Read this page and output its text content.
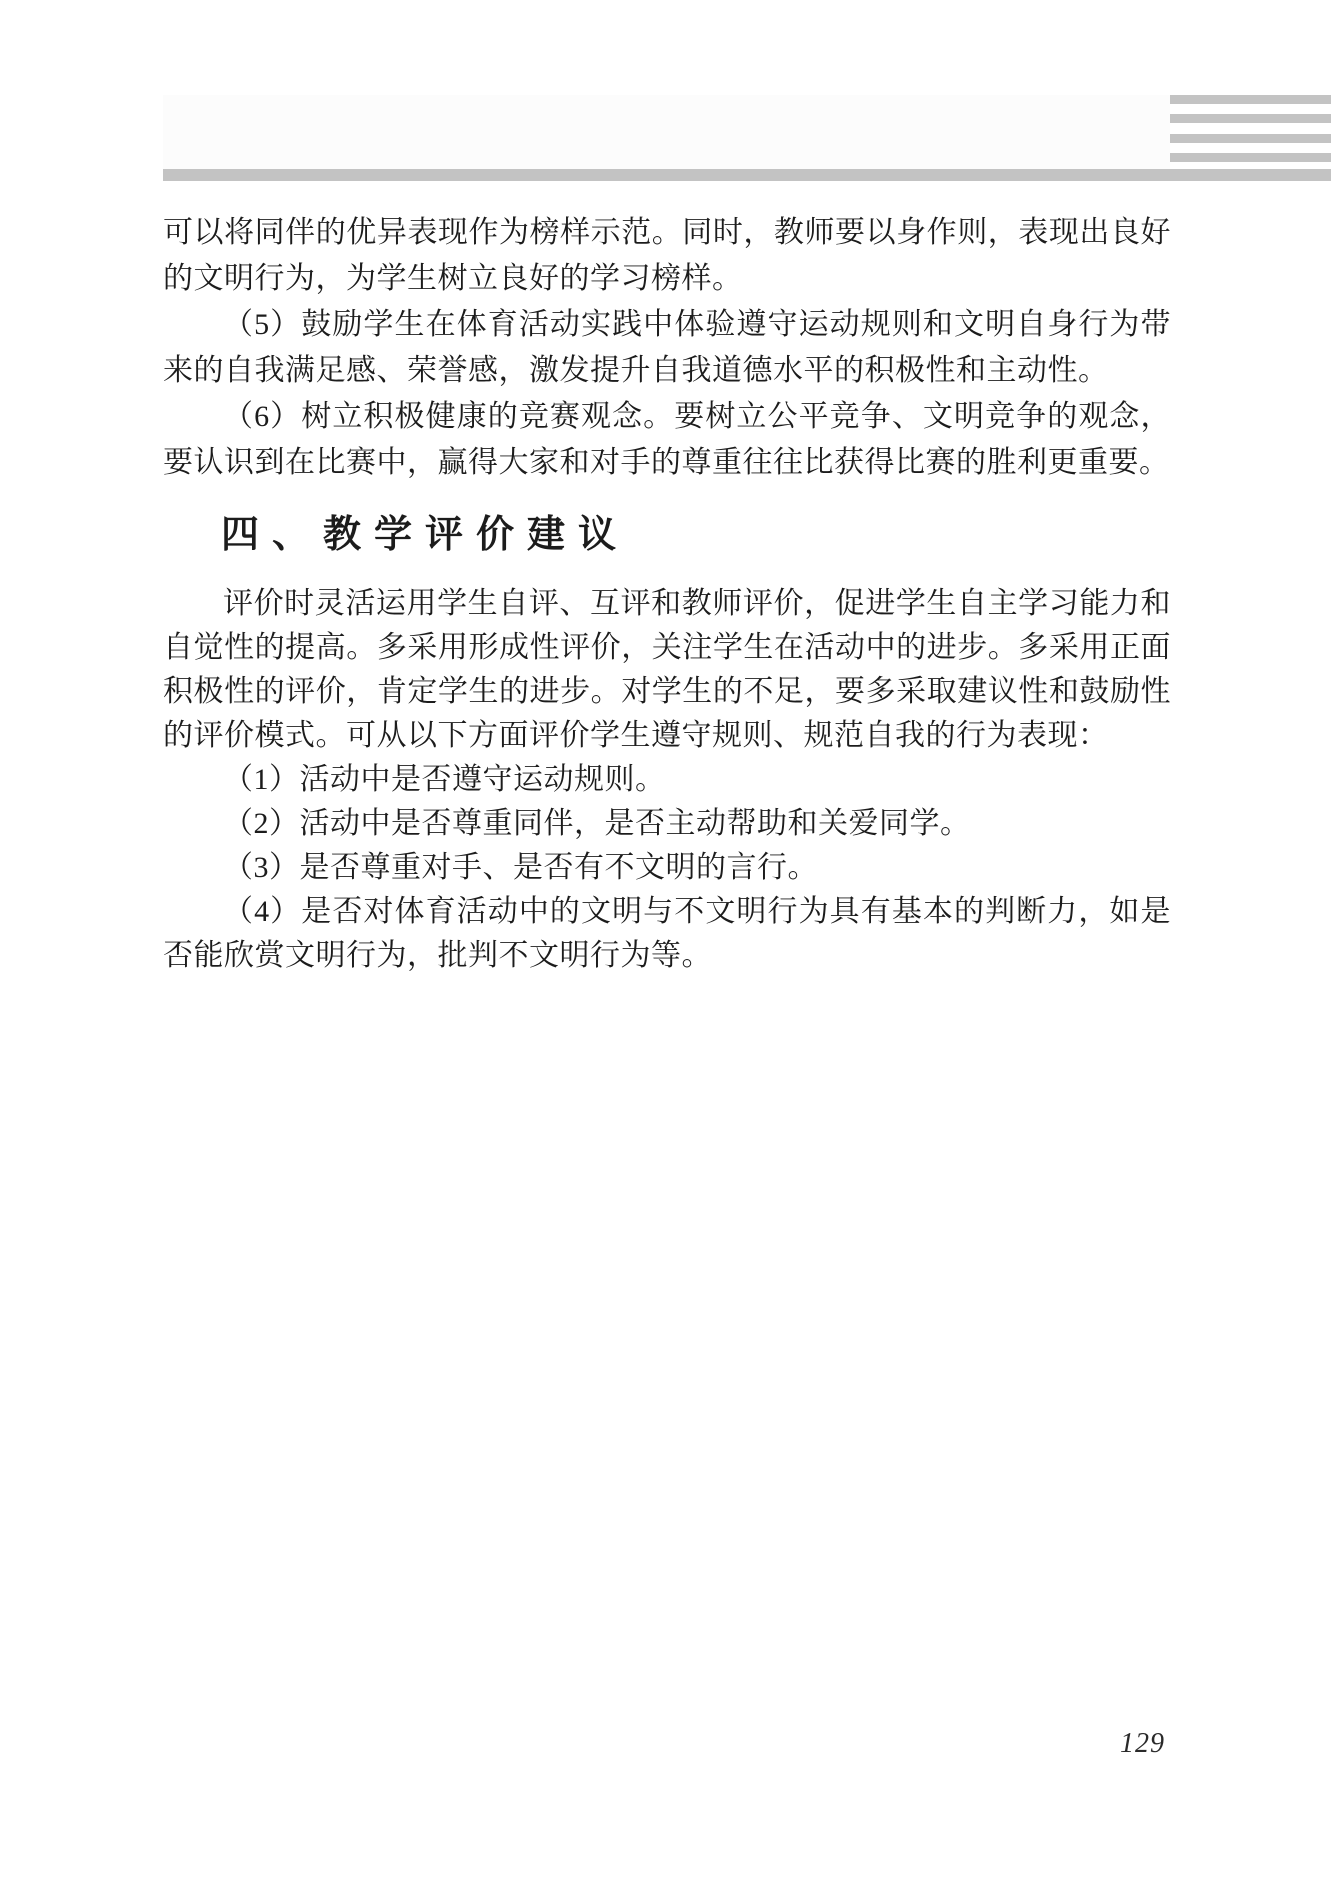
可以将同伴的优异表现作为榜样示范。同时，教师要以身作则，表现出良好的文明行为，为学生树立良好的学习榜样。

（5）鼓励学生在体育活动实践中体验遵守运动规则和文明自身行为带来的自我满足感、荣誉感，激发提升自我道德水平的积极性和主动性。

（6）树立积极健康的竞赛观念。要树立公平竞争、文明竞争的观念，要认识到在比赛中，赢得大家和对手的尊重往往比获得比赛的胜利更重要。

四、教学评价建议

评价时灵活运用学生自评、互评和教师评价，促进学生自主学习能力和自觉性的提高。多采用形成性评价，关注学生在活动中的进步。多采用正面积极性的评价，肯定学生的进步。对学生的不足，要多采取建议性和鼓励性的评价模式。可从以下方面评价学生遵守规则、规范自我的行为表现：

（1）活动中是否遵守运动规则。

（2）活动中是否尊重同伴，是否主动帮助和关爱同学。

（3）是否尊重对手、是否有不文明的言行。

（4）是否对体育活动中的文明与不文明行为具有基本的判断力，如是否能欣赏文明行为，批判不文明行为等。

129
